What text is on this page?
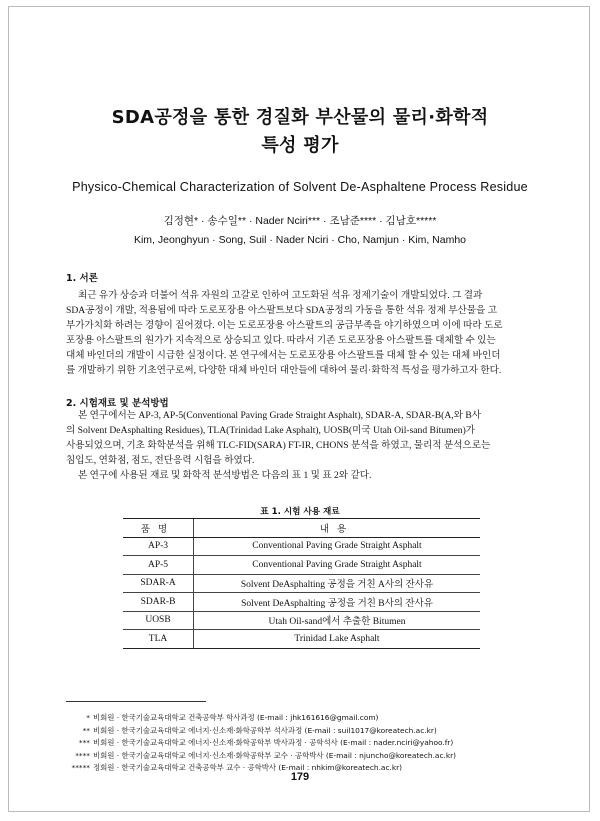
SDA공정을 통한 경질화 부산물의 물리·화학적
특성 평가
Physico-Chemical Characterization of Solvent De-Asphaltene Process Residue
김정현* · 송수일** · Nader Nciri*** · 조남준**** · 김남호*****
Kim, Jeonghyun · Song, Suil · Nader Nciri · Cho, Namjun · Kim, Namho
1. 서론
최근 유가 상승과 더불어 석유 자원의 고갈로 인하여 고도화된 석유 정제기술이 개발되었다. 그 결과
SDA공정이 개발, 적용됨에 따라 도로포장용 아스팔트보다 SDA공정의 가동을 통한 석유 정제 부산물을 고
부가가치화 하려는 경향이 짙어졌다. 이는 도로포장용 아스팔트의 공급부족을 야기하였으며 이에 따라 도로
포장용 아스팔트의 원가가 지속적으로 상승되고 있다. 따라서 기존 도로포장용 아스팔트를 대체할 수 있는
대체 바인더의 개발이 시급한 실정이다. 본 연구에서는 도로포장용 아스팔트를 대체 할 수 있는 대체 바인더
를 개발하기 위한 기초연구로써, 다양한 대체 바인더 대안들에 대하여 물리·화학적 특성을 평가하고자 한다.
2. 시험재료 및 분석방법
본 연구에서는 AP-3, AP-5(Conventional Paving Grade Straight Asphalt), SDAR-A, SDAR-B(A,와 B사
의 Solvent DeAsphalting Residues), TLA(Trinidad Lake Asphalt), UOSB(미국 Utah Oil-sand Bitumen)가
사용되었으며, 기초 화학분석을 위해 TLC-FID(SARA) FT-IR, CHONS 분석을 하였고, 물리적 분석으로는
침입도, 연화점, 점도, 전단응력 시험을 하였다.
본 연구에 사용된 재료 및 화학적 분석방법은 다음의 표 1 및 표 2와 같다.
표 1. 시험 사용 재료
품명	내용
AP-3	Conventional Paving Grade Straight Asphalt
AP-5	Conventional Paving Grade Straight Asphalt
SDAR-A	Solvent DeAsphalting 공정을 거친 A사의 잔사유
SDAR-B	Solvent DeAsphalting 공정을 거친 B사의 잔사유
UOSB	Utah Oil-sand에서 추출한 Bitumen
TLA	Trinidad Lake Asphalt
* 비회원 · 한국기술교육대학교 건축공학부 학사과정 (E-mail : jhk161616@gmail.com)
** 비회원 · 한국기술교육대학교 에너지·신소재·화학공학부 석사과정 (E-mail : suil1017@koreatech.ac.kr)
*** 비회원 · 한국기술교육대학교 에너지·신소재·화학공학부 박사과정 · 공학석사 (E-mail : nader.nciri@yahoo.fr)
**** 비회원 · 한국기술교육대학교 에너지·신소재·화학공학부 교수 · 공학박사 (E-mail : njuncho@koreatech.ac.kr)
***** 정회원 · 한국기술교육대학교 건축공학부 교수 · 공학박사 (E-mail : nhkim@koreatech.ac.kr)
179
